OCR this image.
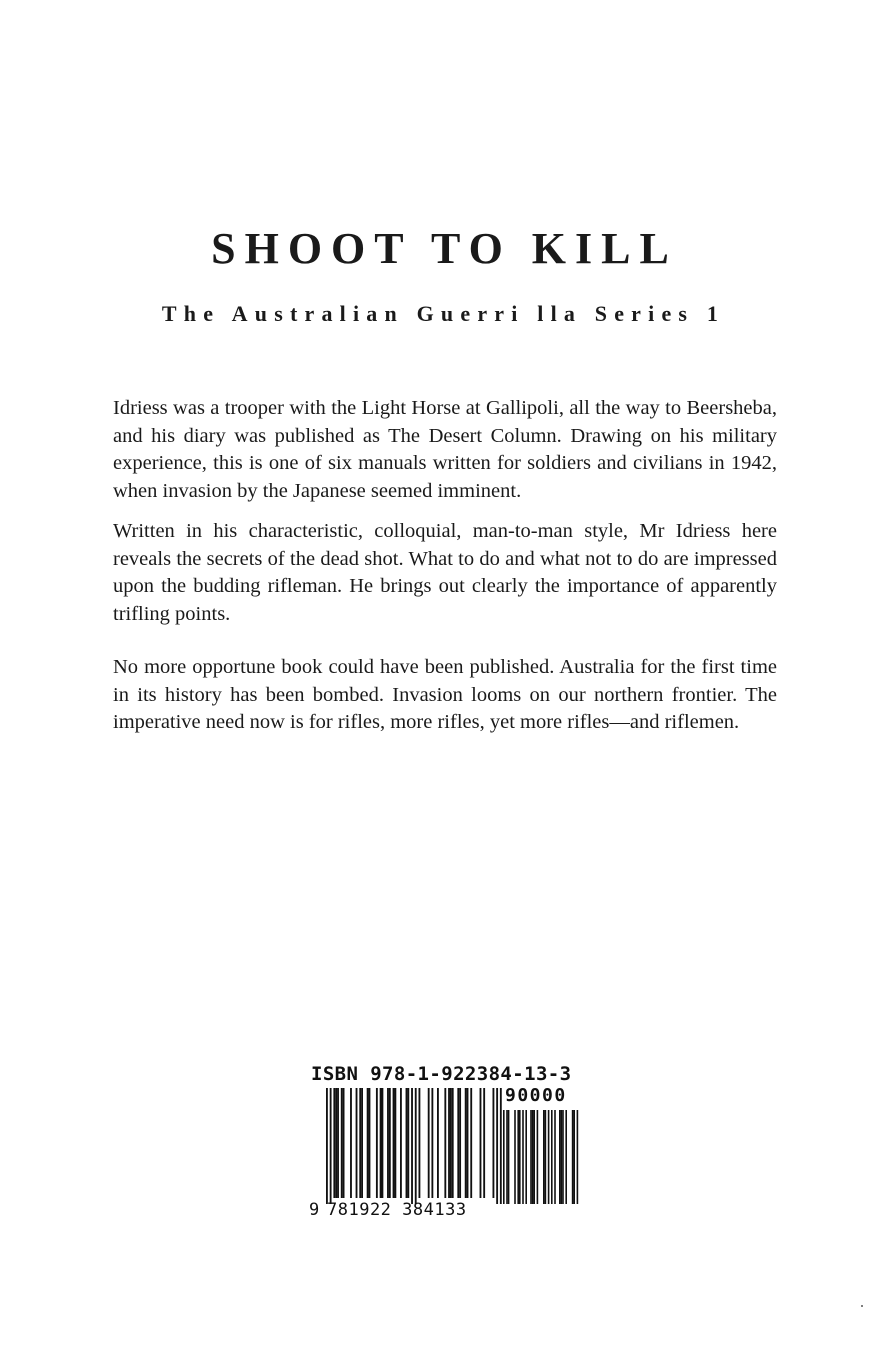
SHOOT TO KILL
The Australian Guerri lla Series 1

Idriess was a trooper with the Light Horse at Gallipoli, all the way to Beersheba, and his diary was published as The Desert Column. Drawing on his military experience, this is one of six manuals written for soldiers and civilians in 1942, when invasion by the Japanese seemed imminent.

Written in his characteristic, colloquial, man-to-man style, Mr Idriess here reveals the secrets of the dead shot. What to do and what not to do are impressed upon the budding rifleman. He brings out clearly the importance of apparently trifling points.

No more opportune book could have been published. Australia for the first time in its history has been bombed. Invasion looms on our northern frontier. The imperative need now is for rifles, more rifles, yet more rifles—and riflemen.

ISBN 978-1-922384-13-3
90000
9 781922 384133
